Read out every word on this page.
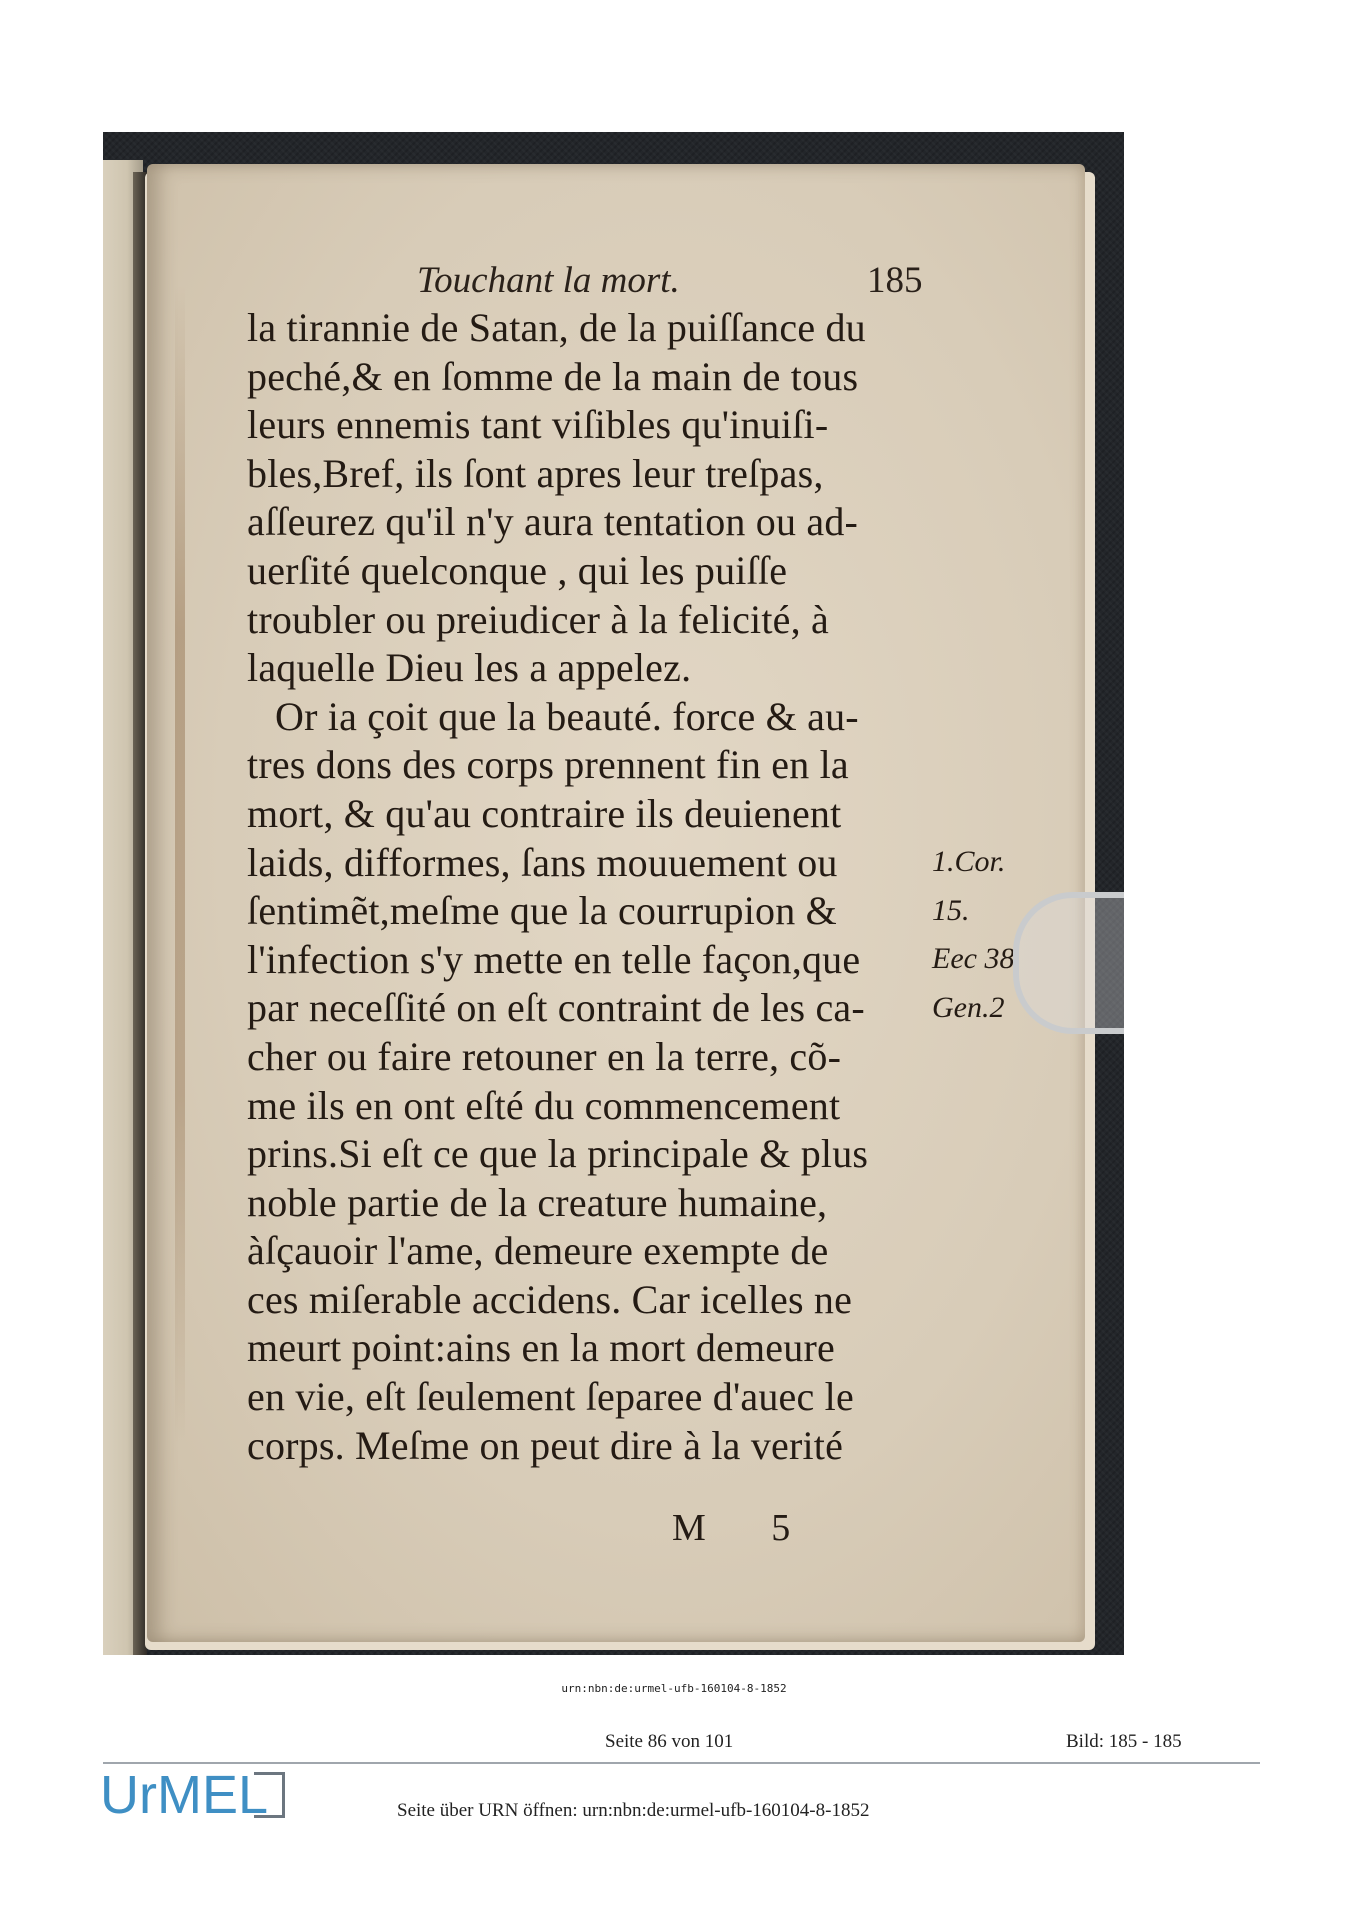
Touchant la mort.	185
la tirannie de Satan, de la puiſſance du
peché,& en ſomme de la main de tous
leurs ennemis tant viſibles qu'inuiſi-
bles,Bref, ils ſont apres leur treſpas,
aſſeurez qu'il n'y aura tentation ou ad-
uerſité quelconque , qui les puiſſe
troubler ou preiudicer à la felicité, à
laquelle Dieu les a appelez.
Or ia çoit que la beauté. force & au-
tres dons des corps prennent fin en la
mort, & qu'au contraire ils deuienent
laids, difformes, ſans mouuement ou
ſentimẽt,meſme que la courrupion &
l'infection s'y mette en telle façon,que
par neceſſité on eſt contraint de les ca-
cher ou faire retouner en la terre, cõ-
me ils en ont eſté du commencement
prins.Si eſt ce que la principale & plus
noble partie de la creature humaine,
àſçauoir l'ame, demeure exempte de
ces miſerable accidens. Car icelles ne
meurt point:ains en la mort demeure
en vie, eſt ſeulement ſeparee d'auec le
corps. Meſme on peut dire à la verité
1.Cor.
15.
Eec 38
Gen.2
M 5
urn:nbn:de:urmel-ufb-160104-8-1852
Seite 86 von 101	Bild: 185 - 185
UrMEL	Seite über URN öffnen: urn:nbn:de:urmel-ufb-160104-8-1852
